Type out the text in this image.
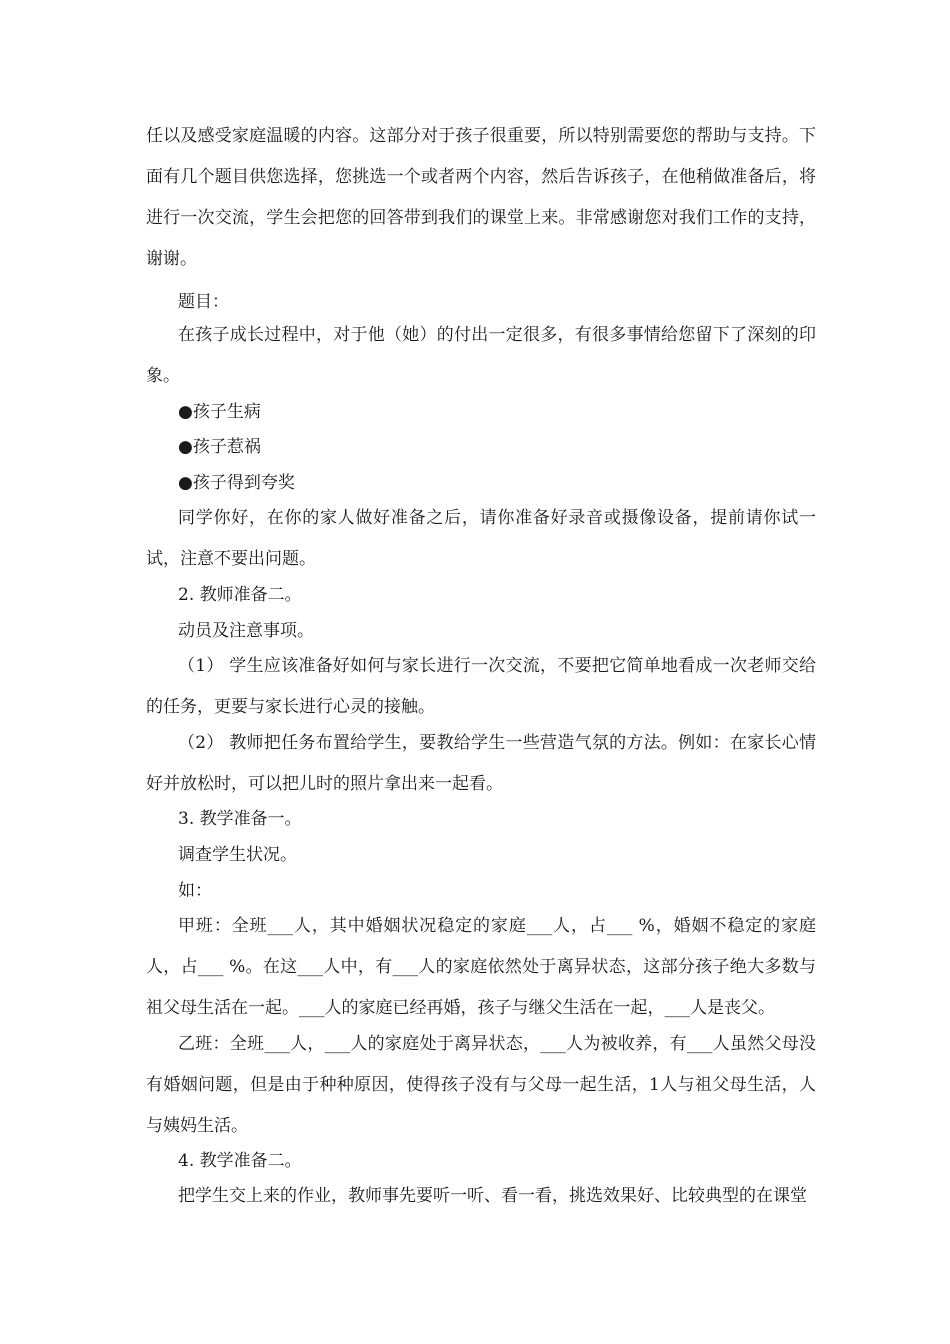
任以及感受家庭温暖的内容。这部分对于孩子很重要，所以特别需要您的帮助与支持。下面有几个题目供您选择，您挑选一个或者两个内容，然后告诉孩子，在他稍做准备后，将进行一次交流，学生会把您的回答带到我们的课堂上来。非常感谢您对我们工作的支持，谢谢。
题目：
在孩子成长过程中，对于他（她）的付出一定很多，有很多事情给您留下了深刻的印象。
●孩子生病
●孩子惹祸
●孩子得到夸奖
同学你好，在你的家人做好准备之后，请你准备好录音或摄像设备，提前请你试一试，注意不要出问题。
2. 教师准备二。
动员及注意事项。
（1） 学生应该准备好如何与家长进行一次交流，不要把它简单地看成一次老师交给的任务，更要与家长进行心灵的接触。
（2） 教师把任务布置给学生，要教给学生一些营造气氛的方法。例如：在家长心情好并放松时，可以把儿时的照片拿出来一起看。
3. 教学准备一。
调查学生状况。
如：
甲班：全班___人，其中婚姻状况稳定的家庭___人，占___ %，婚姻不稳定的家庭人，占___ %。在这___人中，有___人的家庭依然处于离异状态，这部分孩子绝大多数与祖父母生活在一起。___人的家庭已经再婚，孩子与继父生活在一起，___人是丧父。
乙班：全班___人，___人的家庭处于离异状态，___人为被收养，有___人虽然父母没有婚姻问题，但是由于种种原因，使得孩子没有与父母一起生活，1人与祖父母生活，人与姨妈生活。
4. 教学准备二。
把学生交上来的作业，教师事先要听一听、看一看，挑选效果好、比较典型的在课堂
